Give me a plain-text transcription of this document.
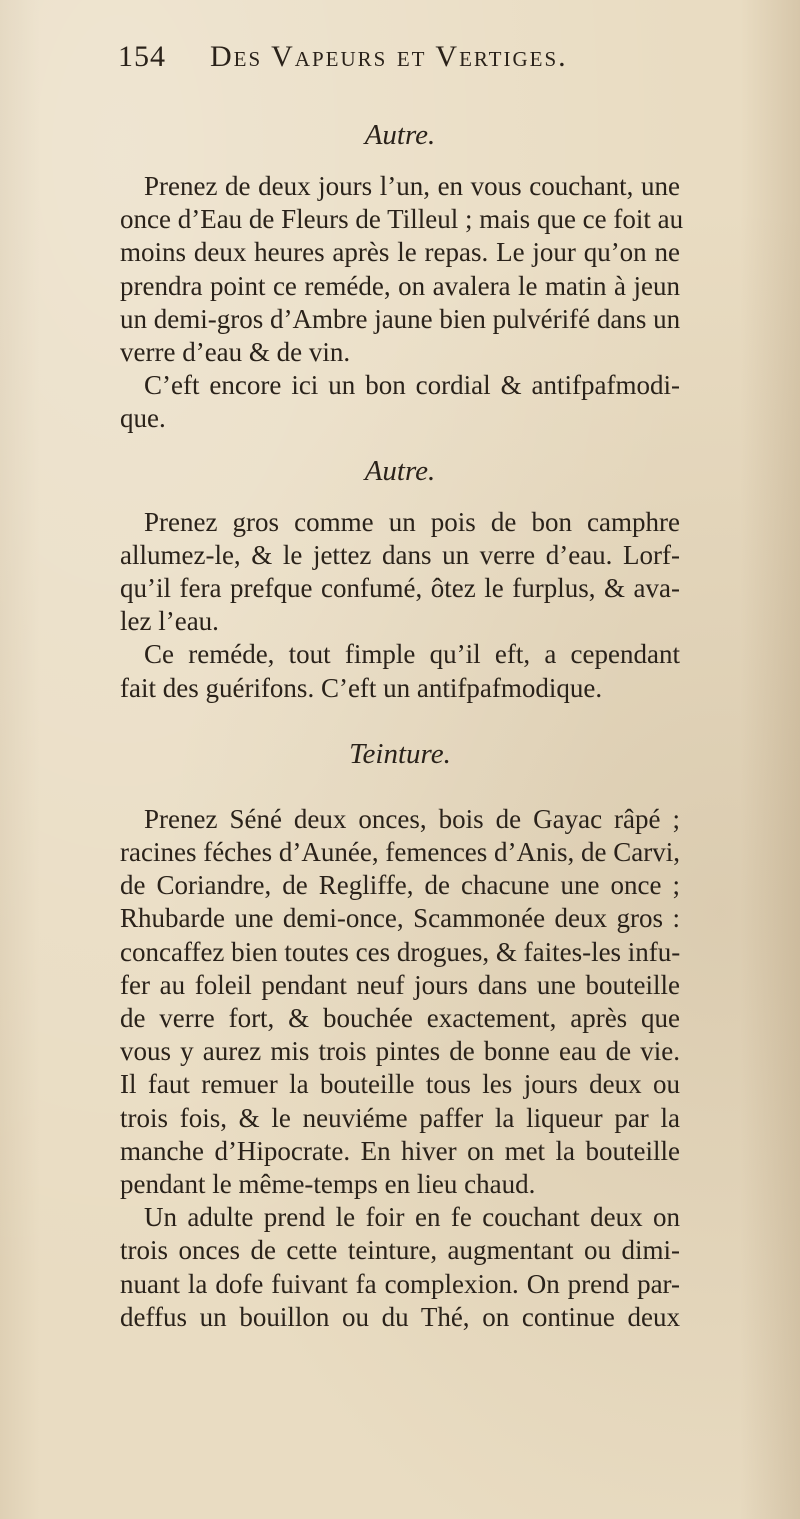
154 Des Vapeurs et Vertiges.

Autre.

Prenez de deux jours l’un, en vous couchant, une
once d’Eau de Fleurs de Tilleul ; mais que ce foit au
moins deux heures après le repas. Le jour qu’on ne
prendra point ce reméde, on avalera le matin à jeun
un demi-gros d’Ambre jaune bien pulvérifé dans un
verre d’eau & de vin.
C’eft encore ici un bon cordial & antifpafmodi-
que.

Autre.

Prenez gros comme un pois de bon camphre
allumez-le, & le jettez dans un verre d’eau. Lorf-
qu’il fera prefque confumé, ôtez le furplus, & ava-
lez l’eau.
Ce reméde, tout fimple qu’il eft, a cependant
fait des guérifons. C’eft un antifpafmodique.

Teinture.

Prenez Séné deux onces, bois de Gayac râpé ;
racines féches d’Aunée, femences d’Anis, de Carvi,
de Coriandre, de Regliffe, de chacune une once ;
Rhubarde une demi-once, Scammonée deux gros :
concaffez bien toutes ces drogues, & faites-les infu-
fer au foleil pendant neuf jours dans une bouteille
de verre fort, & bouchée exactement, après que
vous y aurez mis trois pintes de bonne eau de vie.
Il faut remuer la bouteille tous les jours deux ou
trois fois, & le neuviéme paffer la liqueur par la
manche d’Hipocrate. En hiver on met la bouteille
pendant le même-temps en lieu chaud.
Un adulte prend le foir en fe couchant deux on
trois onces de cette teinture, augmentant ou dimi-
nuant la dofe fuivant fa complexion. On prend par-
deffus un bouillon ou du Thé, on continue deux
